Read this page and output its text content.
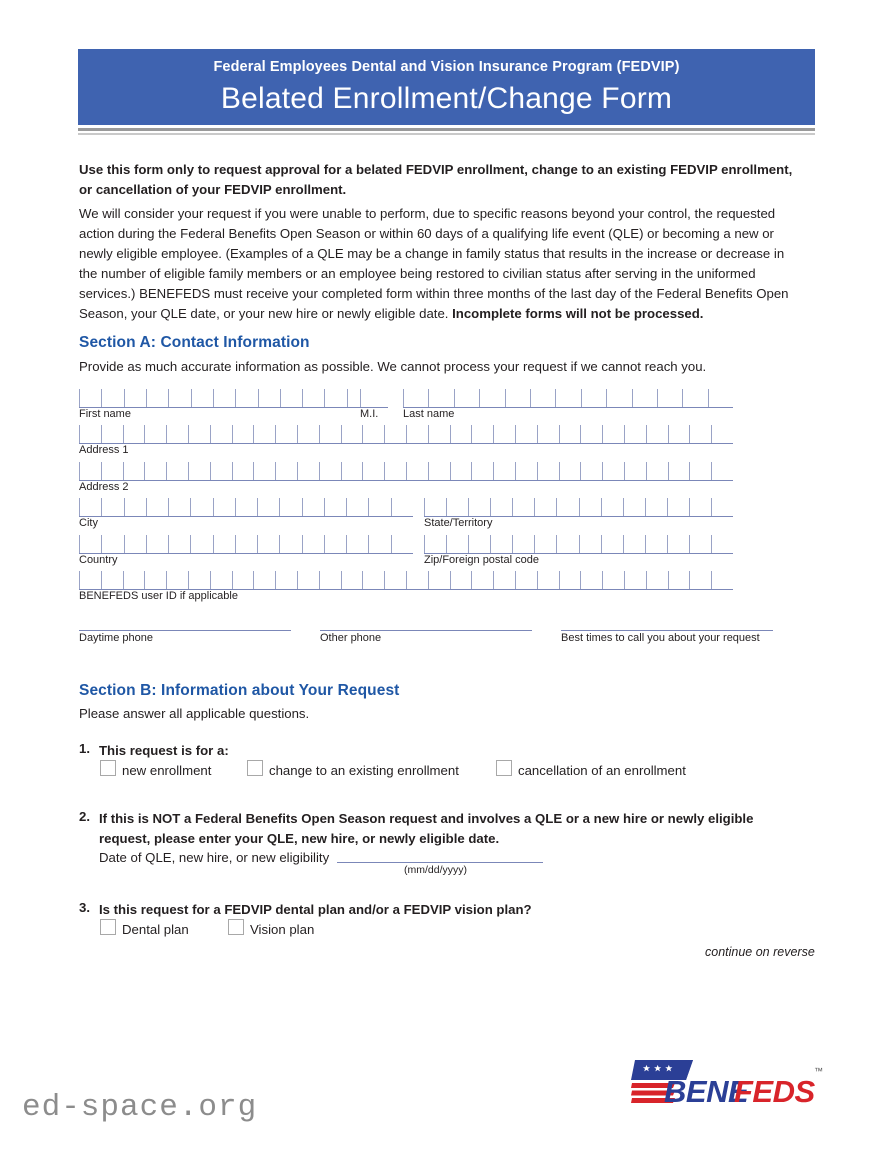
Federal Employees Dental and Vision Insurance Program (FEDVIP)
Belated Enrollment/Change Form
Use this form only to request approval for a belated FEDVIP enrollment, change to an existing FEDVIP enrollment, or cancellation of your FEDVIP enrollment.
We will consider your request if you were unable to perform, due to specific reasons beyond your control, the requested action during the Federal Benefits Open Season or within 60 days of a qualifying life event (QLE) or becoming a new or newly eligible employee. (Examples of a QLE may be a change in family status that results in the increase or decrease in the number of eligible family members or an employee being restored to civilian status after serving in the uniformed services.) BENEFEDS must receive your completed form within three months of the last day of the Federal Benefits Open Season, your QLE date, or your new hire or newly eligible date. Incomplete forms will not be processed.
Section A: Contact Information
Provide as much accurate information as possible. We cannot process your request if we cannot reach you.
First name	M.I. Last name
Address 1
Address 2
City	State/Territory
Country	Zip/Foreign postal code
BENEFEDS user ID if applicable
Daytime phone	Other phone	Best times to call you about your request
Section B: Information about Your Request
Please answer all applicable questions.
1. This request is for a:
new enrollment	change to an existing enrollment	cancellation of an enrollment
2. If this is NOT a Federal Benefits Open Season request and involves a QLE or a new hire or newly eligible request, please enter your QLE, new hire, or newly eligible date.
Date of QLE, new hire, or new eligibility
(mm/dd/yyyy)
3. Is this request for a FEDVIP dental plan and/or a FEDVIP vision plan?
Dental plan	Vision plan
continue on reverse
BENE
FEDS
™
ed-space.org
